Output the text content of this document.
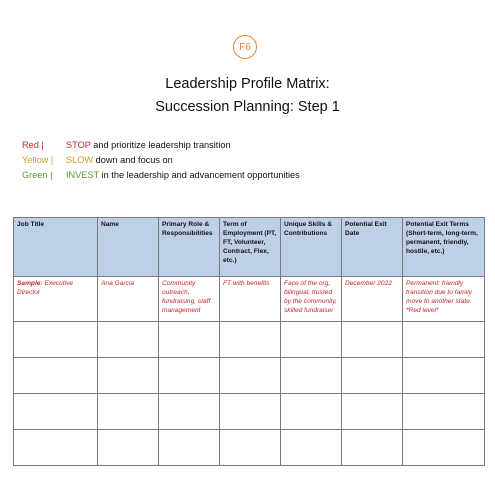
F6
Leadership Profile Matrix:
Succession Planning: Step 1
Red |	STOP and prioritize leadership transition
Yellow |	SLOW down and focus on
Green |	INVEST in the leadership and advancement opportunities
Job Title	Name	Primary Role & Responsibilities	Term of Employment (PT, FT, Volunteer, Contract, Flex, etc.)	Unique Skills & Contributions	Potential Exit Date	Potential Exit Terms (Short-term, long-term, permanent, friendly, hostile, etc.)
Sample: Executive Director	Ana Garcia	Community outreach, fundraising, staff management	FT with benefits	Face of the org, bilingual, trusted by the community, skilled fundraiser	December 2022	Permanent; friendly transition due to family move to another state. *Red level*
